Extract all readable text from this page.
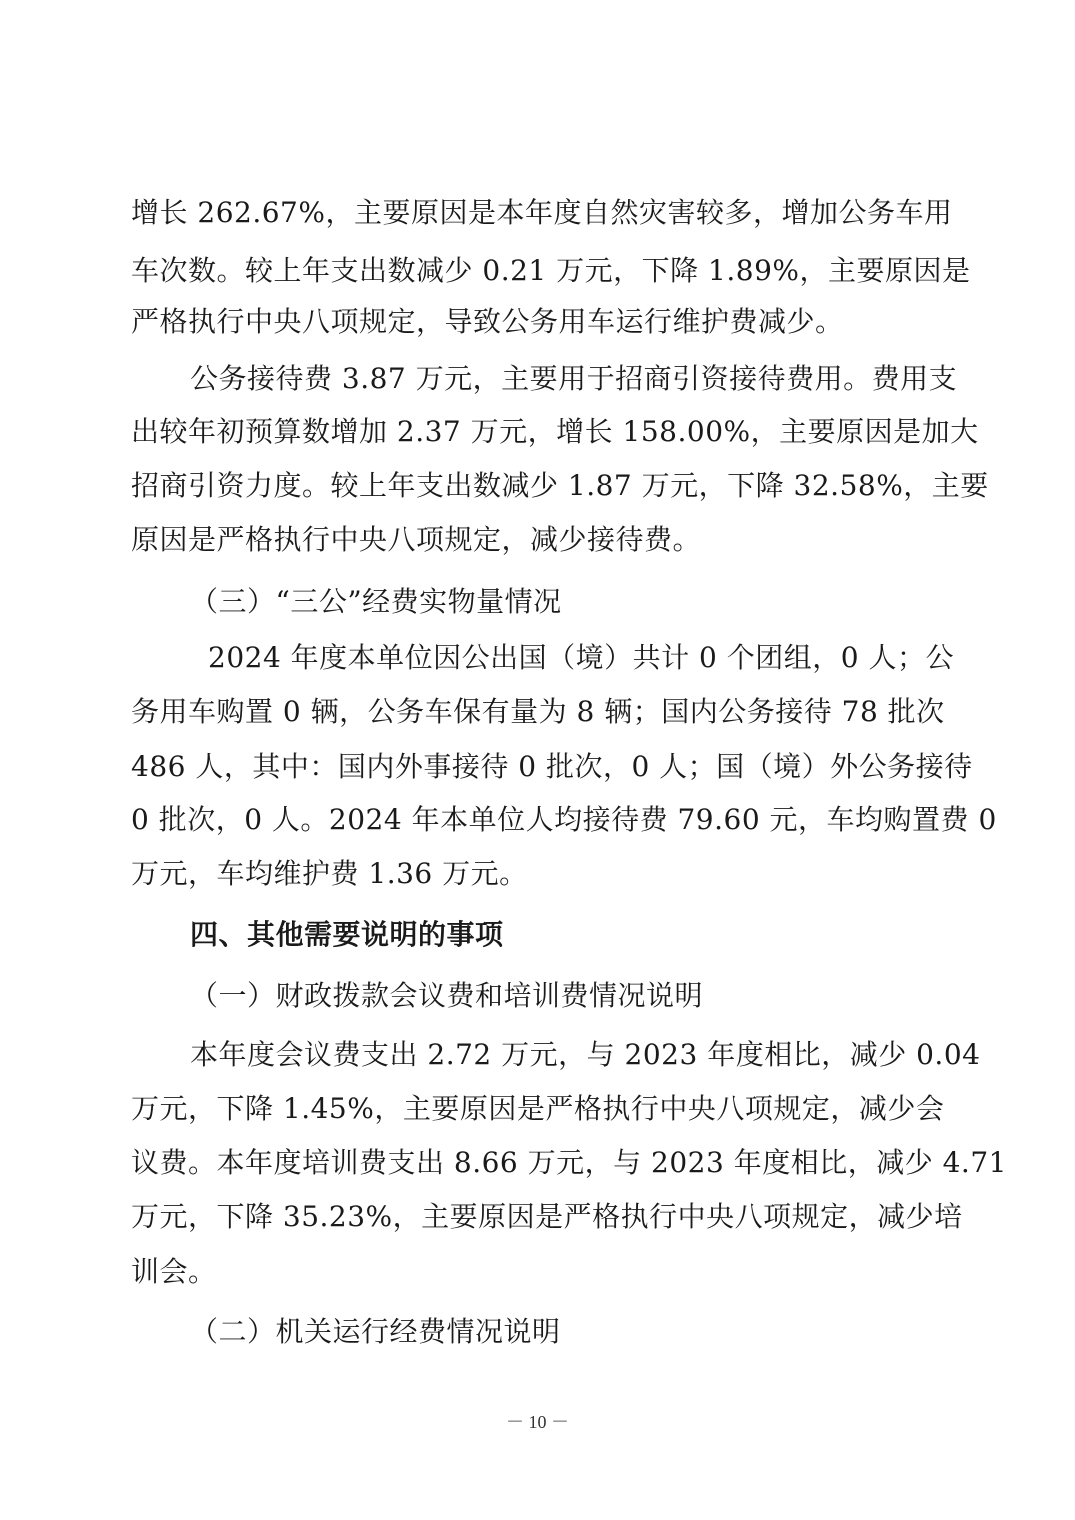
增长 262.67%，主要原因是本年度自然灾害较多，增加公务车用
车次数。较上年支出数减少 0.21 万元，下降 1.89%，主要原因是
严格执行中央八项规定，导致公务用车运行维护费减少。
公务接待费 3.87 万元，主要用于招商引资接待费用。费用支
出较年初预算数增加 2.37 万元，增长 158.00%，主要原因是加大
招商引资力度。较上年支出数减少 1.87 万元，下降 32.58%，主要
原因是严格执行中央八项规定，减少接待费。
（三）“三公”经费实物量情况
2024 年度本单位因公出国（境）共计 0 个团组，0 人；公
务用车购置 0 辆，公务车保有量为 8 辆；国内公务接待 78 批次
486 人，其中：国内外事接待 0 批次，0 人；国（境）外公务接待
0 批次，0 人。2024 年本单位人均接待费 79.60 元，车均购置费 0
万元，车均维护费 1.36 万元。
四、其他需要说明的事项
（一）财政拨款会议费和培训费情况说明
本年度会议费支出 2.72 万元，与 2023 年度相比，减少 0.04
万元，下降 1.45%，主要原因是严格执行中央八项规定，减少会
议费。本年度培训费支出 8.66 万元，与 2023 年度相比，减少 4.71
万元，下降 35.23%，主要原因是严格执行中央八项规定，减少培
训会。
（二）机关运行经费情况说明
－ 10 －
